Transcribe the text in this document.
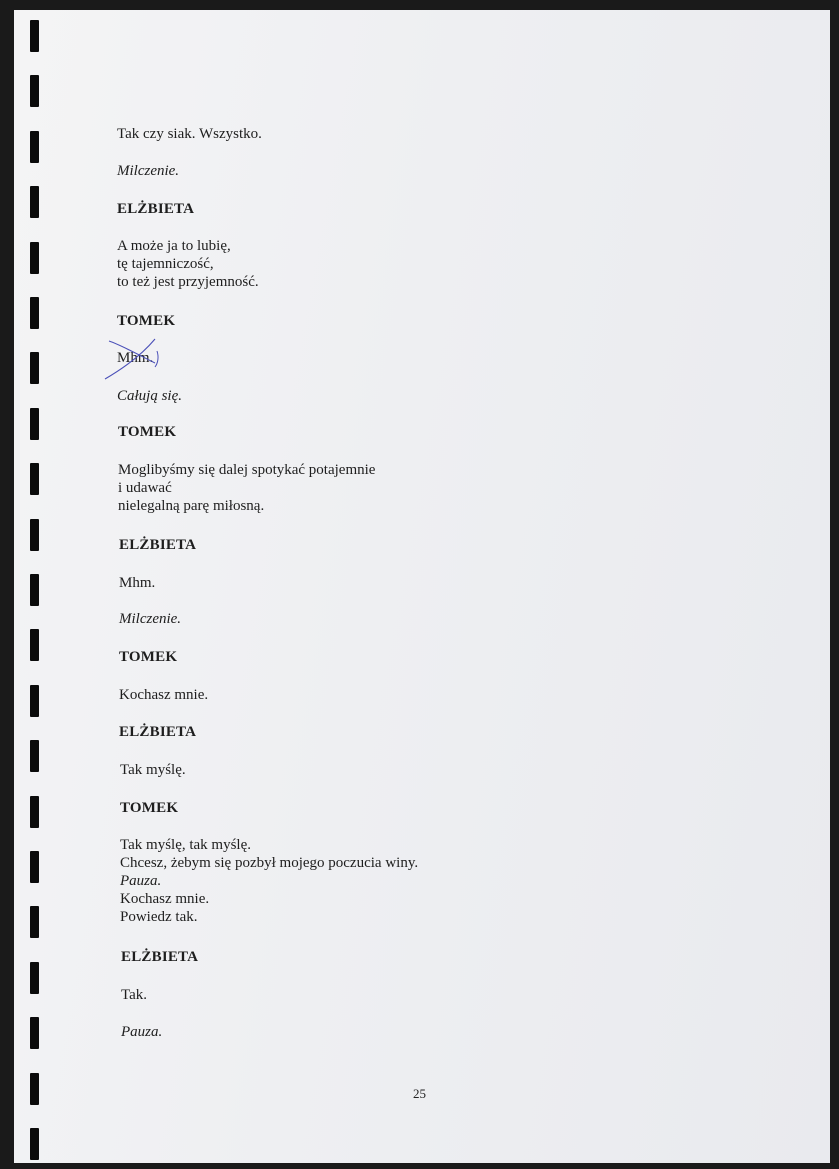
Tak czy siak. Wszystko.
Milczenie.
ELŻBIETA
A może ja to lubię,
tę tajemniczość,
to też jest przyjemność.
TOMEK
Mhm.
Całują się.
TOMEK
Moglibyśmy się dalej spotykać potajemnie
i udawać
nielegalną parę miłosną.
ELŻBIETA
Mhm.
Milczenie.
TOMEK
Kochasz mnie.
ELŻBIETA
Tak myślę.
TOMEK
Tak myślę, tak myślę.
Chcesz, żebym się pozbył mojego poczucia winy.
Pauza.
Kochasz mnie.
Powiedz tak.
ELŻBIETA
Tak.
Pauza.
25
